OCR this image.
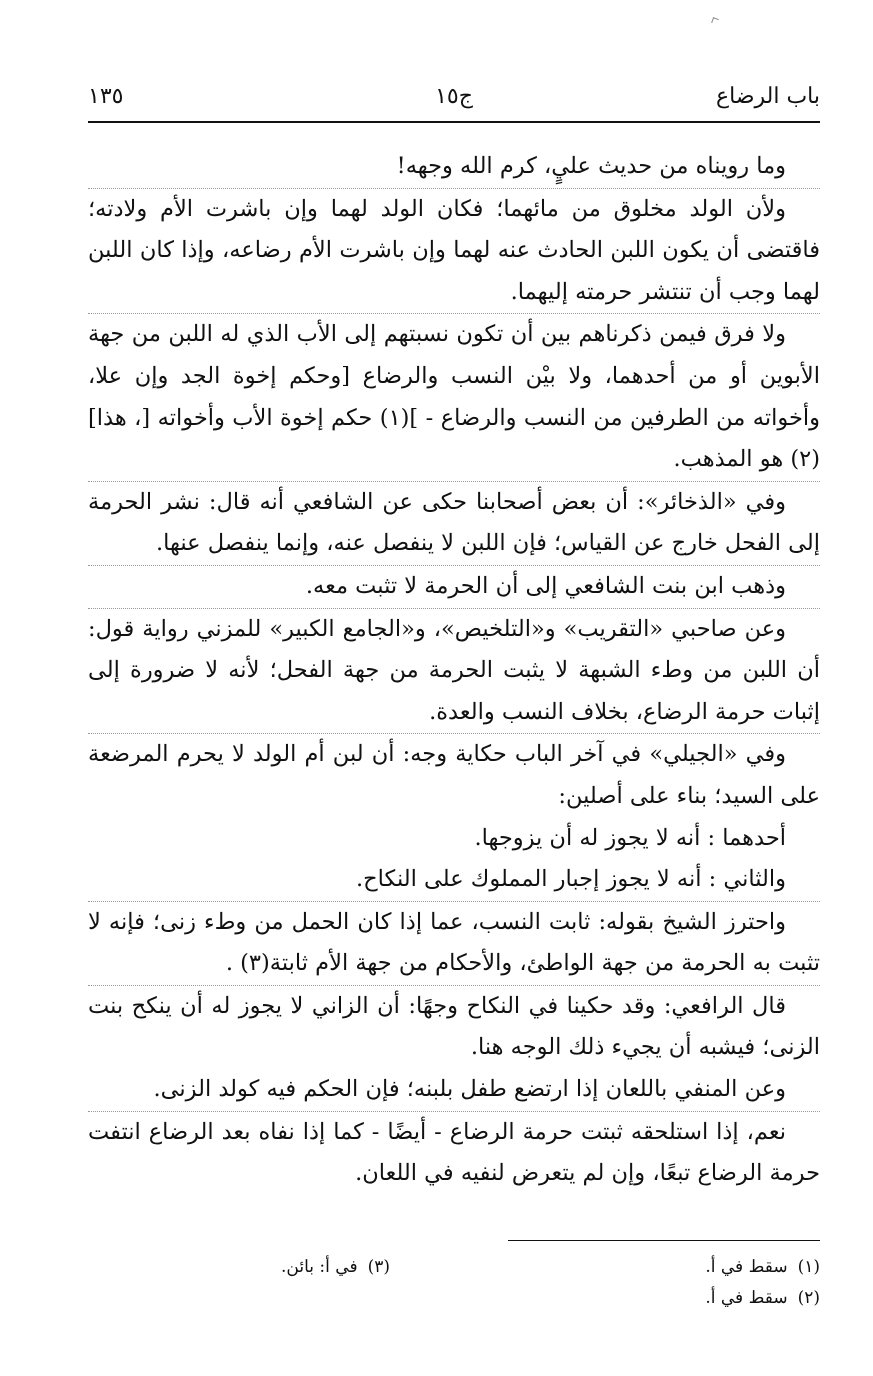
باب الرضاع
ج١٥
١٣٥

وما رويناه من حديث عليٍ، كرم الله وجهه!

ولأن الولد مخلوق من مائهما؛ فكان الولد لهما وإن باشرت الأم ولادته؛ فاقتضى أن يكون اللبن الحادث عنه لهما وإن باشرت الأم رضاعه، وإذا كان اللبن لهما وجب أن تنتشر حرمته إليهما.

ولا فرق فيمن ذكرناهم بين أن تكون نسبتهم إلى الأب الذي له اللبن من جهة الأبوين أو من أحدهما، ولا بيْن النسب والرضاع [وحكم إخوة الجد وإن علا، وأخواته من الطرفين من النسب والرضاع - ](١) حكم إخوة الأب وأخواته [، هذا](٢) هو المذهب.

وفي «الذخائر»: أن بعض أصحابنا حكى عن الشافعي أنه قال: نشر الحرمة إلى الفحل خارج عن القياس؛ فإن اللبن لا ينفصل عنه، وإنما ينفصل عنها.

وذهب ابن بنت الشافعي إلى أن الحرمة لا تثبت معه.

وعن صاحبي «التقريب» و«التلخيص»، و«الجامع الكبير» للمزني رواية قول: أن اللبن من وطء الشبهة لا يثبت الحرمة من جهة الفحل؛ لأنه لا ضرورة إلى إثبات حرمة الرضاع، بخلاف النسب والعدة.

وفي «الجيلي» في آخر الباب حكاية وجه: أن لبن أم الولد لا يحرم المرضعة على السيد؛ بناء على أصلين:

أحدهما : أنه لا يجوز له أن يزوجها.

والثاني : أنه لا يجوز إجبار المملوك على النكاح.

واحترز الشيخ بقوله: ثابت النسب، عما إذا كان الحمل من وطء زنى؛ فإنه لا تثبت به الحرمة من جهة الواطئ، والأحكام من جهة الأم ثابتة(٣) .

قال الرافعي: وقد حكينا في النكاح وجهًا: أن الزاني لا يجوز له أن ينكح بنت الزنى؛ فيشبه أن يجيء ذلك الوجه هنا.

وعن المنفي باللعان إذا ارتضع طفل بلبنه؛ فإن الحكم فيه كولد الزنى.

نعم، إذا استلحقه ثبتت حرمة الرضاع - أيضًا - كما إذا نفاه بعد الرضاع انتفت حرمة الرضاع تبعًا، وإن لم يتعرض لنفيه في اللعان.

(١)سقط في أ.
(٣)في أ: بائن.
(٢)سقط في أ.
